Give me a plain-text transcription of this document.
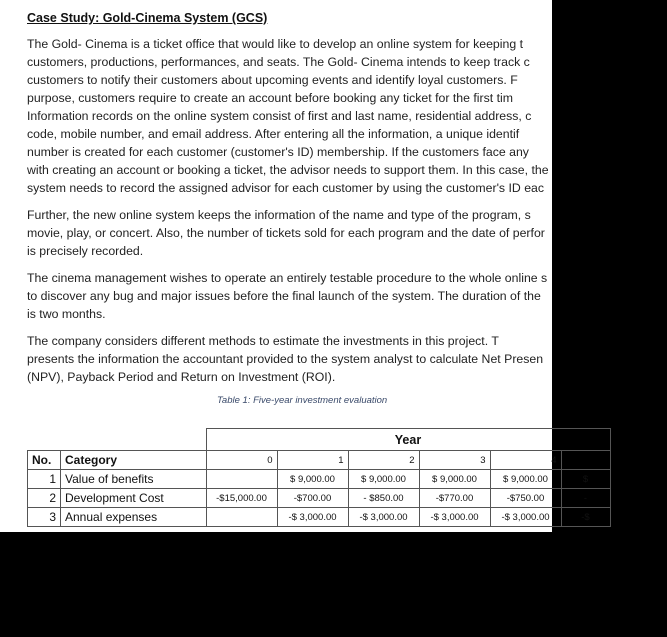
Case Study: Gold-Cinema System (GCS)

The Gold- Cinema is a ticket office that would like to develop an online system for keeping t

customers, productions, performances, and seats. The Gold- Cinema intends to keep track c

customers to notify their customers about upcoming events and identify loyal customers. F

purpose, customers require to create an account before booking any ticket for the first tim

Information records on the online system consist of first and last name, residential address, c

code, mobile number, and email address. After entering all the information, a unique identif

number is created for each customer (customer's ID) membership. If the customers face any

with creating an account or booking a ticket, the advisor needs to support them. In this case, the

system needs to record the assigned advisor for each customer by using the customer's ID eac

Further, the new online system keeps the information of the name and type of the program, s

movie, play, or concert. Also, the number of tickets sold for each program and the date of perfor

is precisely recorded.

The cinema management wishes to operate an entirely testable procedure to the whole online s

to discover any bug and major issues before the final launch of the system. The duration of the

is two months.

The company considers different methods to estimate the investments in this project. T

presents the information the accountant provided to the system analyst to calculate Net Presen

(NPV), Payback Period and Return on Investment (ROI).

Table 1: Five-year investment evaluation
		Year					
No.	Category	0	1	2	3	4	
1	Value of benefits		$ 9,000.00	$ 9,000.00	$ 9,000.00	$ 9,000.00	$
2	Development Cost	-$15,000.00	-$700.00	- $850.00	-$770.00	-$750.00	-
3	Annual expenses		-$ 3,000.00	-$ 3,000.00	-$ 3,000.00	-$ 3,000.00	-$
